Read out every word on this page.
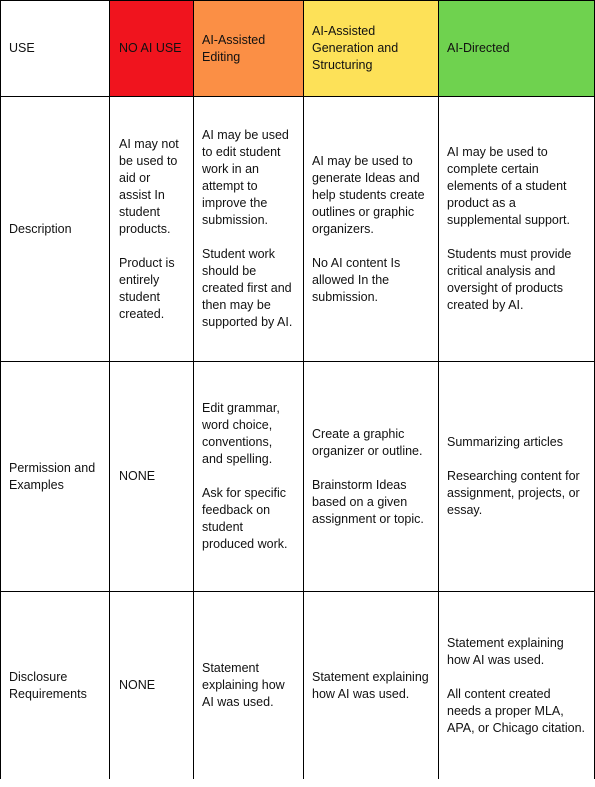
USE	NO AI USE
AI-Assisted Editing
AI-Assisted Generation and Structuring
AI-Directed
Description

AI may not be used to aid or assist In student products.

Product is entirely student created.

AI may be used to edit student work in an attempt to improve the submission.

Student work should be created first and then may be supported by AI.

AI may be used to generate Ideas and help students create outlines or graphic organizers.

No AI content Is allowed In the submission.

AI may be used to complete certain elements of a student product as a supplemental support.

Students must provide critical analysis and oversight of products created by AI.

Permission and Examples

NONE

Edit grammar, word choice, conventions, and spelling.

Ask for specific feedback on student produced work.

Create a graphic organizer or outline.

Brainstorm Ideas based on a given assignment or topic.

Summarizing articles

Researching content for assignment, projects, or essay.

Disclosure Requirements

NONE

Statement explaining how AI was used.

Statement explaining how AI was used.

Statement explaining how AI was used.

All content created needs a proper MLA, APA, or Chicago citation.
